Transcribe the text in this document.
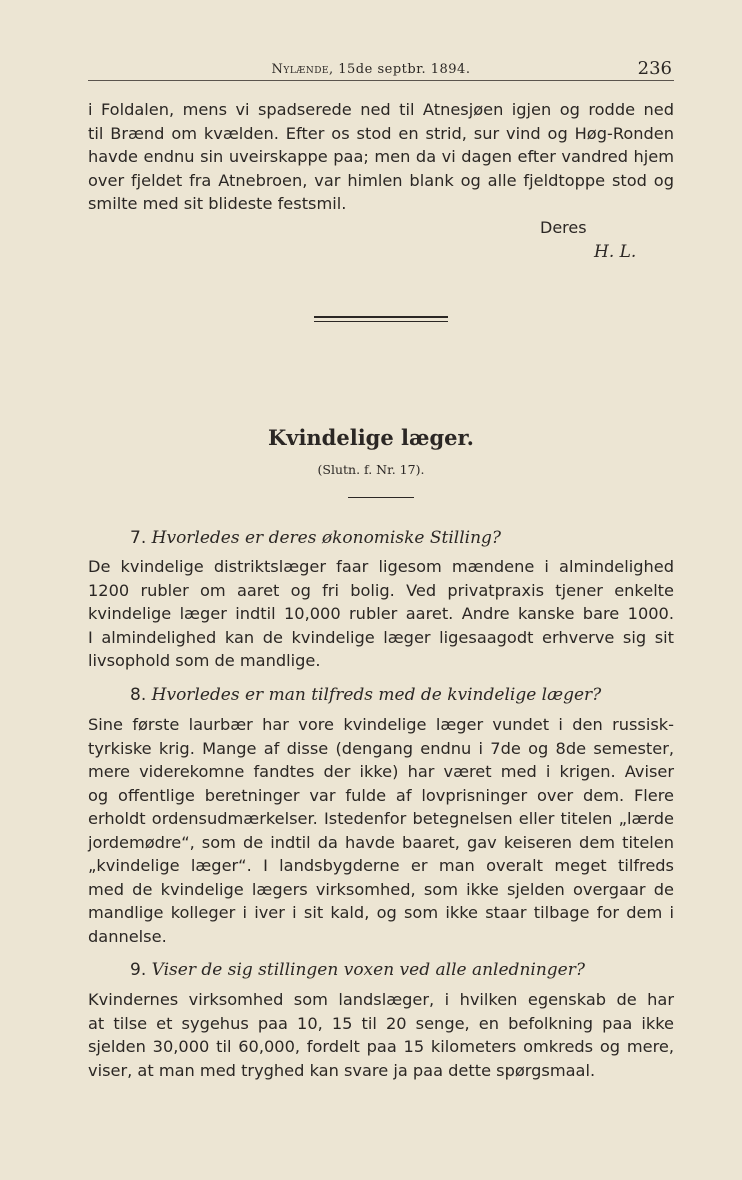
Nylænde, 15de septbr. 1894.	236
i Foldalen, mens vi spadserede ned til Atnesjøen igjen og rodde ned
til Brænd om kvælden. Efter os stod en strid, sur vind og Høg-Ronden
havde endnu sin uveirskappe paa; men da vi dagen efter vandred hjem
over fjeldet fra Atnebroen, var himlen blank og alle fjeldtoppe stod og
smilte med sit blideste festsmil.
Deres
H. L.
Kvindelige læger.
(Slutn. f. Nr. 17).
7. Hvorledes er deres økonomiske Stilling?
De kvindelige distriktslæger faar ligesom mændene i almindelighed
1200 rubler om aaret og fri bolig. Ved privatpraxis tjener enkelte
kvindelige læger indtil 10,000 rubler aaret. Andre kanske bare 1000.
I almindelighed kan de kvindelige læger ligesaagodt erhverve sig sit
livsophold som de mandlige.
8. Hvorledes er man tilfreds med de kvindelige læger?
Sine første laurbær har vore kvindelige læger vundet i den russisk-
tyrkiske krig. Mange af disse (dengang endnu i 7de og 8de semester,
mere viderekomne fandtes der ikke) har været med i krigen. Aviser
og offentlige beretninger var fulde af lovprisninger over dem. Flere
erholdt ordensudmærkelser. Istedenfor betegnelsen eller titelen „lærde
jordemødre“, som de indtil da havde baaret, gav keiseren dem titelen
„kvindelige læger“. I landsbygderne er man overalt meget tilfreds
med de kvindelige lægers virksomhed, som ikke sjelden overgaar de
mandlige kolleger i iver i sit kald, og som ikke staar tilbage for dem i
dannelse.
9. Viser de sig stillingen voxen ved alle anledninger?
Kvindernes virksomhed som landslæger, i hvilken egenskab de har
at tilse et sygehus paa 10, 15 til 20 senge, en befolkning paa ikke
sjelden 30,000 til 60,000, fordelt paa 15 kilometers omkreds og mere,
viser, at man med tryghed kan svare ja paa dette spørgsmaal.
